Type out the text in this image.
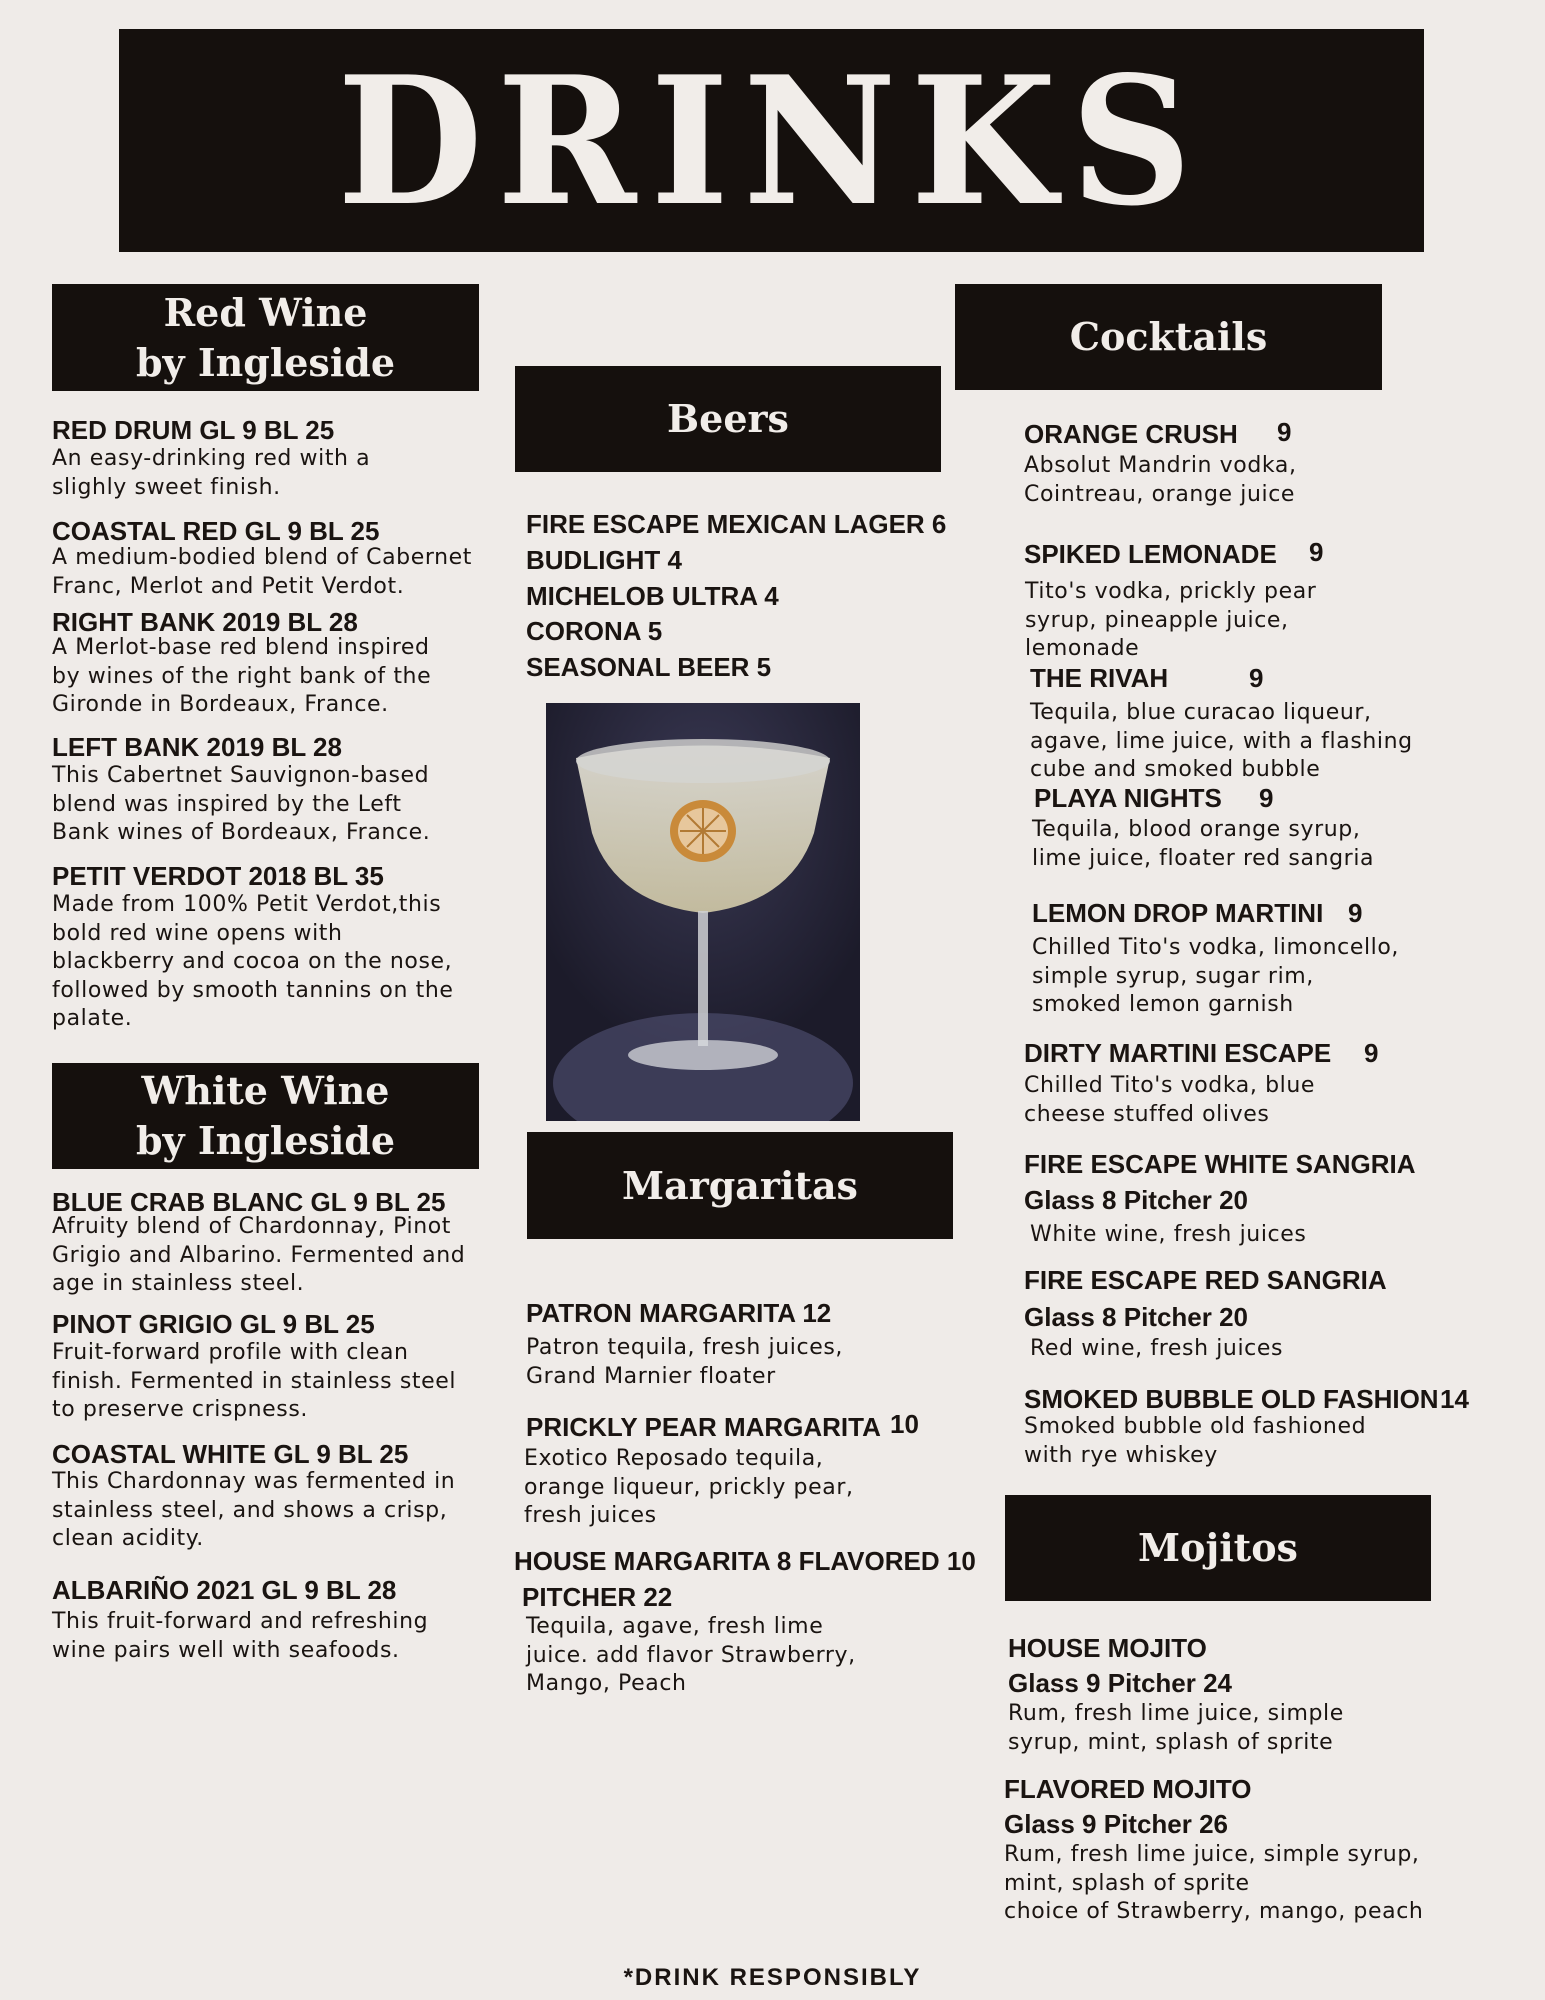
DRINKS
Red Wine
by Ingleside
RED DRUM GL 9 BL 25
An easy-drinking red with a
slighly sweet finish.
COASTAL RED GL 9 BL 25
A medium-bodied blend of Cabernet
Franc, Merlot and Petit Verdot.
RIGHT BANK 2019 BL 28
A Merlot-base red blend inspired
by wines of the right bank of the
Gironde in Bordeaux, France.
LEFT BANK 2019 BL 28
This Cabertnet Sauvignon-based
blend was inspired by the Left
Bank wines of Bordeaux, France.
PETIT VERDOT 2018 BL 35
Made from 100% Petit Verdot,this
bold red wine opens with
blackberry and cocoa on the nose,
followed by smooth tannins on the
palate.
White Wine
by Ingleside
BLUE CRAB BLANC GL 9 BL 25
Afruity blend of Chardonnay, Pinot
Grigio and Albarino. Fermented and
age in stainless steel.
PINOT GRIGIO GL 9 BL 25
Fruit-forward profile with clean
finish. Fermented in stainless steel
to preserve crispness.
COASTAL WHITE GL 9 BL 25
This Chardonnay was fermented in
stainless steel, and shows a crisp,
clean acidity.
ALBARIÑO 2021 GL 9 BL 28
This fruit-forward and refreshing
wine pairs well with seafoods.
Beers
FIRE ESCAPE MEXICAN LAGER 6
BUDLIGHT 4
MICHELOB ULTRA 4
CORONA 5
SEASONAL BEER 5
Margaritas
PATRON MARGARITA 12
Patron tequila, fresh juices,
Grand Marnier floater
PRICKLY PEAR MARGARITA 10
Exotico Reposado tequila,
orange liqueur, prickly pear,
fresh juices
HOUSE MARGARITA 8 FLAVORED 10
PITCHER 22
Tequila, agave, fresh lime
juice. add flavor Strawberry,
Mango, Peach
Cocktails
ORANGE CRUSH 9
Absolut Mandrin vodka,
Cointreau, orange juice
SPIKED LEMONADE 9
Tito's vodka, prickly pear
syrup, pineapple juice,
lemonade
THE RIVAH	9
Tequila, blue curacao liqueur,
agave, lime juice, with a flashing
cube and smoked bubble
PLAYA NIGHTS 9
Tequila, blood orange syrup,
lime juice, floater red sangria
LEMON DROP MARTINI 9
Chilled Tito's vodka, limoncello,
simple syrup, sugar rim,
smoked lemon garnish
DIRTY MARTINI ESCAPE 9
Chilled Tito's vodka, blue
cheese stuffed olives
FIRE ESCAPE WHITE SANGRIA
Glass 8 Pitcher 20
White wine, fresh juices
FIRE ESCAPE RED SANGRIA
Glass 8 Pitcher 20
Red wine, fresh juices
SMOKED BUBBLE OLD FASHION 14
Smoked bubble old fashioned
with rye whiskey
Mojitos
HOUSE MOJITO
Glass 9 Pitcher 24
Rum, fresh lime juice, simple
syrup, mint, splash of sprite
FLAVORED MOJITO
Glass 9 Pitcher 26
Rum, fresh lime juice, simple syrup,
mint, splash of sprite
choice of Strawberry, mango, peach
*DRINK RESPONSIBLY
